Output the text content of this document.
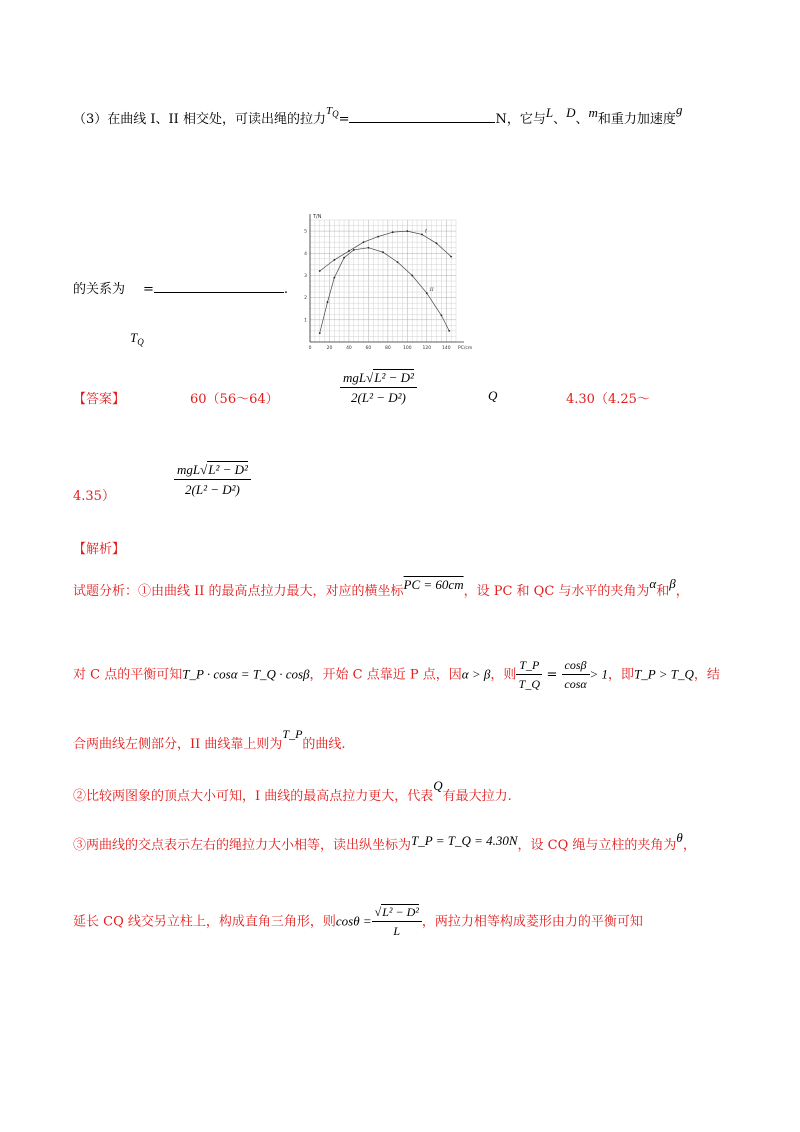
（3）在曲线 I、II 相交处，可读出绳的拉力$^{T_Q}$=	N，它与L、D、m和重力加速度g
的关系为 =	.
$T_Q$
0	20	40	60	80	100 120 140
1
2
3
4
5
T/N
PC/cm
I
II
【答案】	60（56～64）	$\frac{\text{mgL√L² − D²}}{\text{2(L² − D²)}}$	Q	4.30（4.25～
4.35）	$\frac{\text{mgL√L² − D²}}{\text{2(L² − D²)}}$
【解析】
试题分析：①由曲线 II 的最高点拉力最大，对应的横坐标PC = 60cm，设 PC 和 QC 与水平的夹角为α和β，
对 C 点的平衡可知T_P · cosα = T_Q · cosβ，开始 C 点靠近 P 点，因α > β，则 $\frac{T\_P}{T\_Q} = \frac{\cos\beta}{\cos\alpha} > 1$，即T_P > T_Q，结
合两曲线左侧部分，II 曲线靠上则为T_P的曲线.
②比较两图象的顶点大小可知，I 曲线的最高点拉力更大，代表Q有最大拉力.
③两曲线的交点表示左右的绳拉力大小相等，读出纵坐标为T_P = T_Q = 4.30N，设 CQ 绳与立柱的夹角为θ，
延长 CQ 线交另立柱上，构成直角三角形，则$\cos\theta = \frac{\text{√L² − D²}}{L}$ ，两拉力相等构成菱形由力的平衡可知
